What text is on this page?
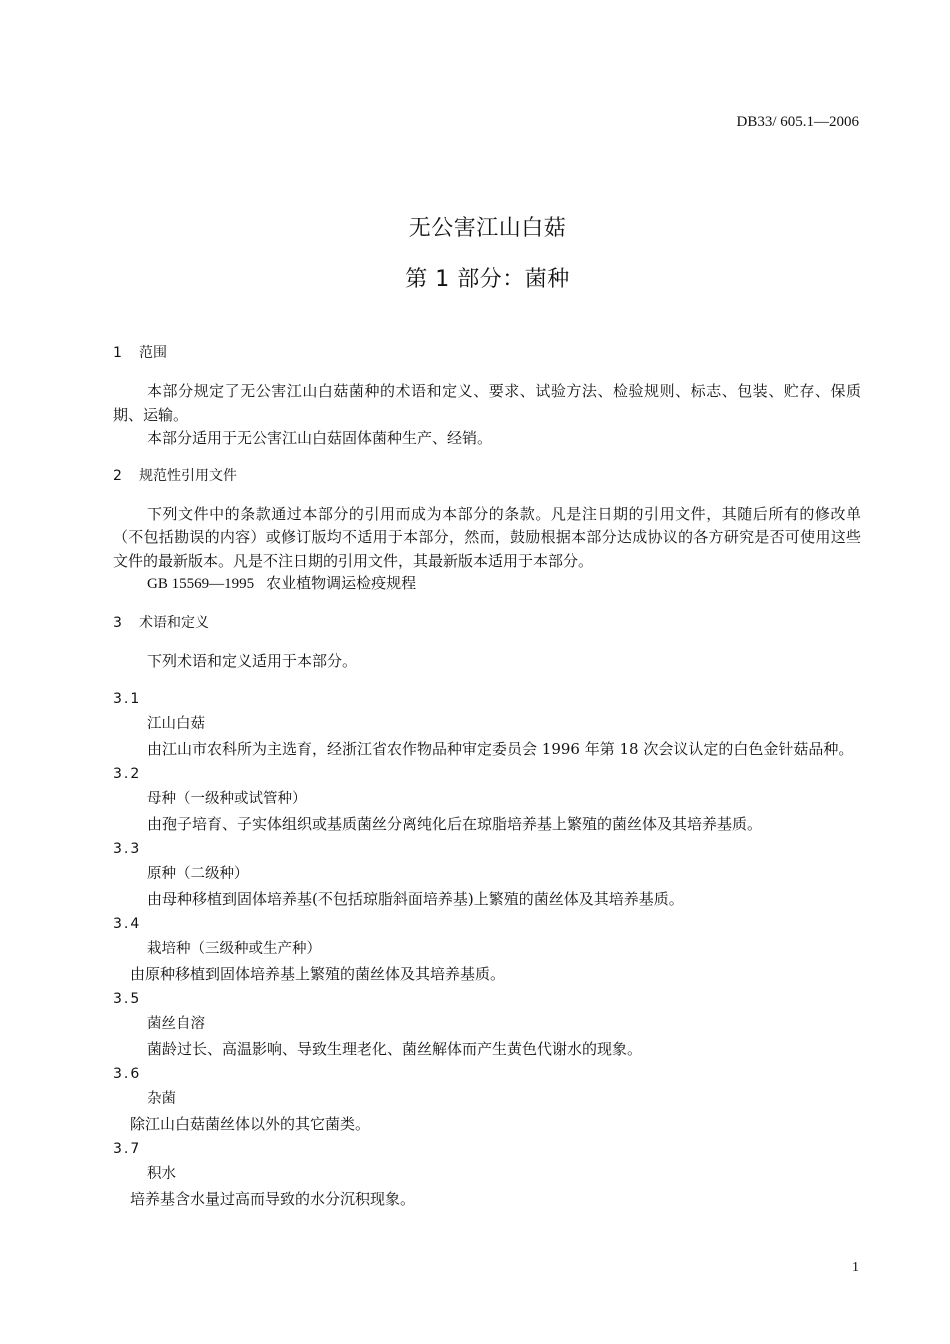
DB33/ 605.1—2006
无公害江山白菇
第 1 部分：菌种
1 范围

本部分规定了无公害江山白菇菌种的术语和定义、要求、试验方法、检验规则、标志、包装、贮存、保质期、运输。

本部分适用于无公害江山白菇固体菌种生产、经销。

2 规范性引用文件

下列文件中的条款通过本部分的引用而成为本部分的条款。凡是注日期的引用文件，其随后所有的修改单（不包括勘误的内容）或修订版均不适用于本部分，然而，鼓励根据本部分达成协议的各方研究是否可使用这些文件的最新版本。凡是不注日期的引用文件，其最新版本适用于本部分。

GB 15569—1995 农业植物调运检疫规程

3 术语和定义

下列术语和定义适用于本部分。

3.1

江山白菇

由江山市农科所为主选育，经浙江省农作物品种审定委员会 1996 年第 18 次会议认定的白色金针菇品种。

3.2

母种（一级种或试管种）

由孢子培育、子实体组织或基质菌丝分离纯化后在琼脂培养基上繁殖的菌丝体及其培养基质。

3.3

原种（二级种）

由母种移植到固体培养基(不包括琼脂斜面培养基)上繁殖的菌丝体及其培养基质。

3.4

栽培种（三级种或生产种）

由原种移植到固体培养基上繁殖的菌丝体及其培养基质。

3.5

菌丝自溶

菌龄过长、高温影响、导致生理老化、菌丝解体而产生黄色代谢水的现象。

3.6

杂菌

除江山白菇菌丝体以外的其它菌类。

3.7

积水

培养基含水量过高而导致的水分沉积现象。

1
